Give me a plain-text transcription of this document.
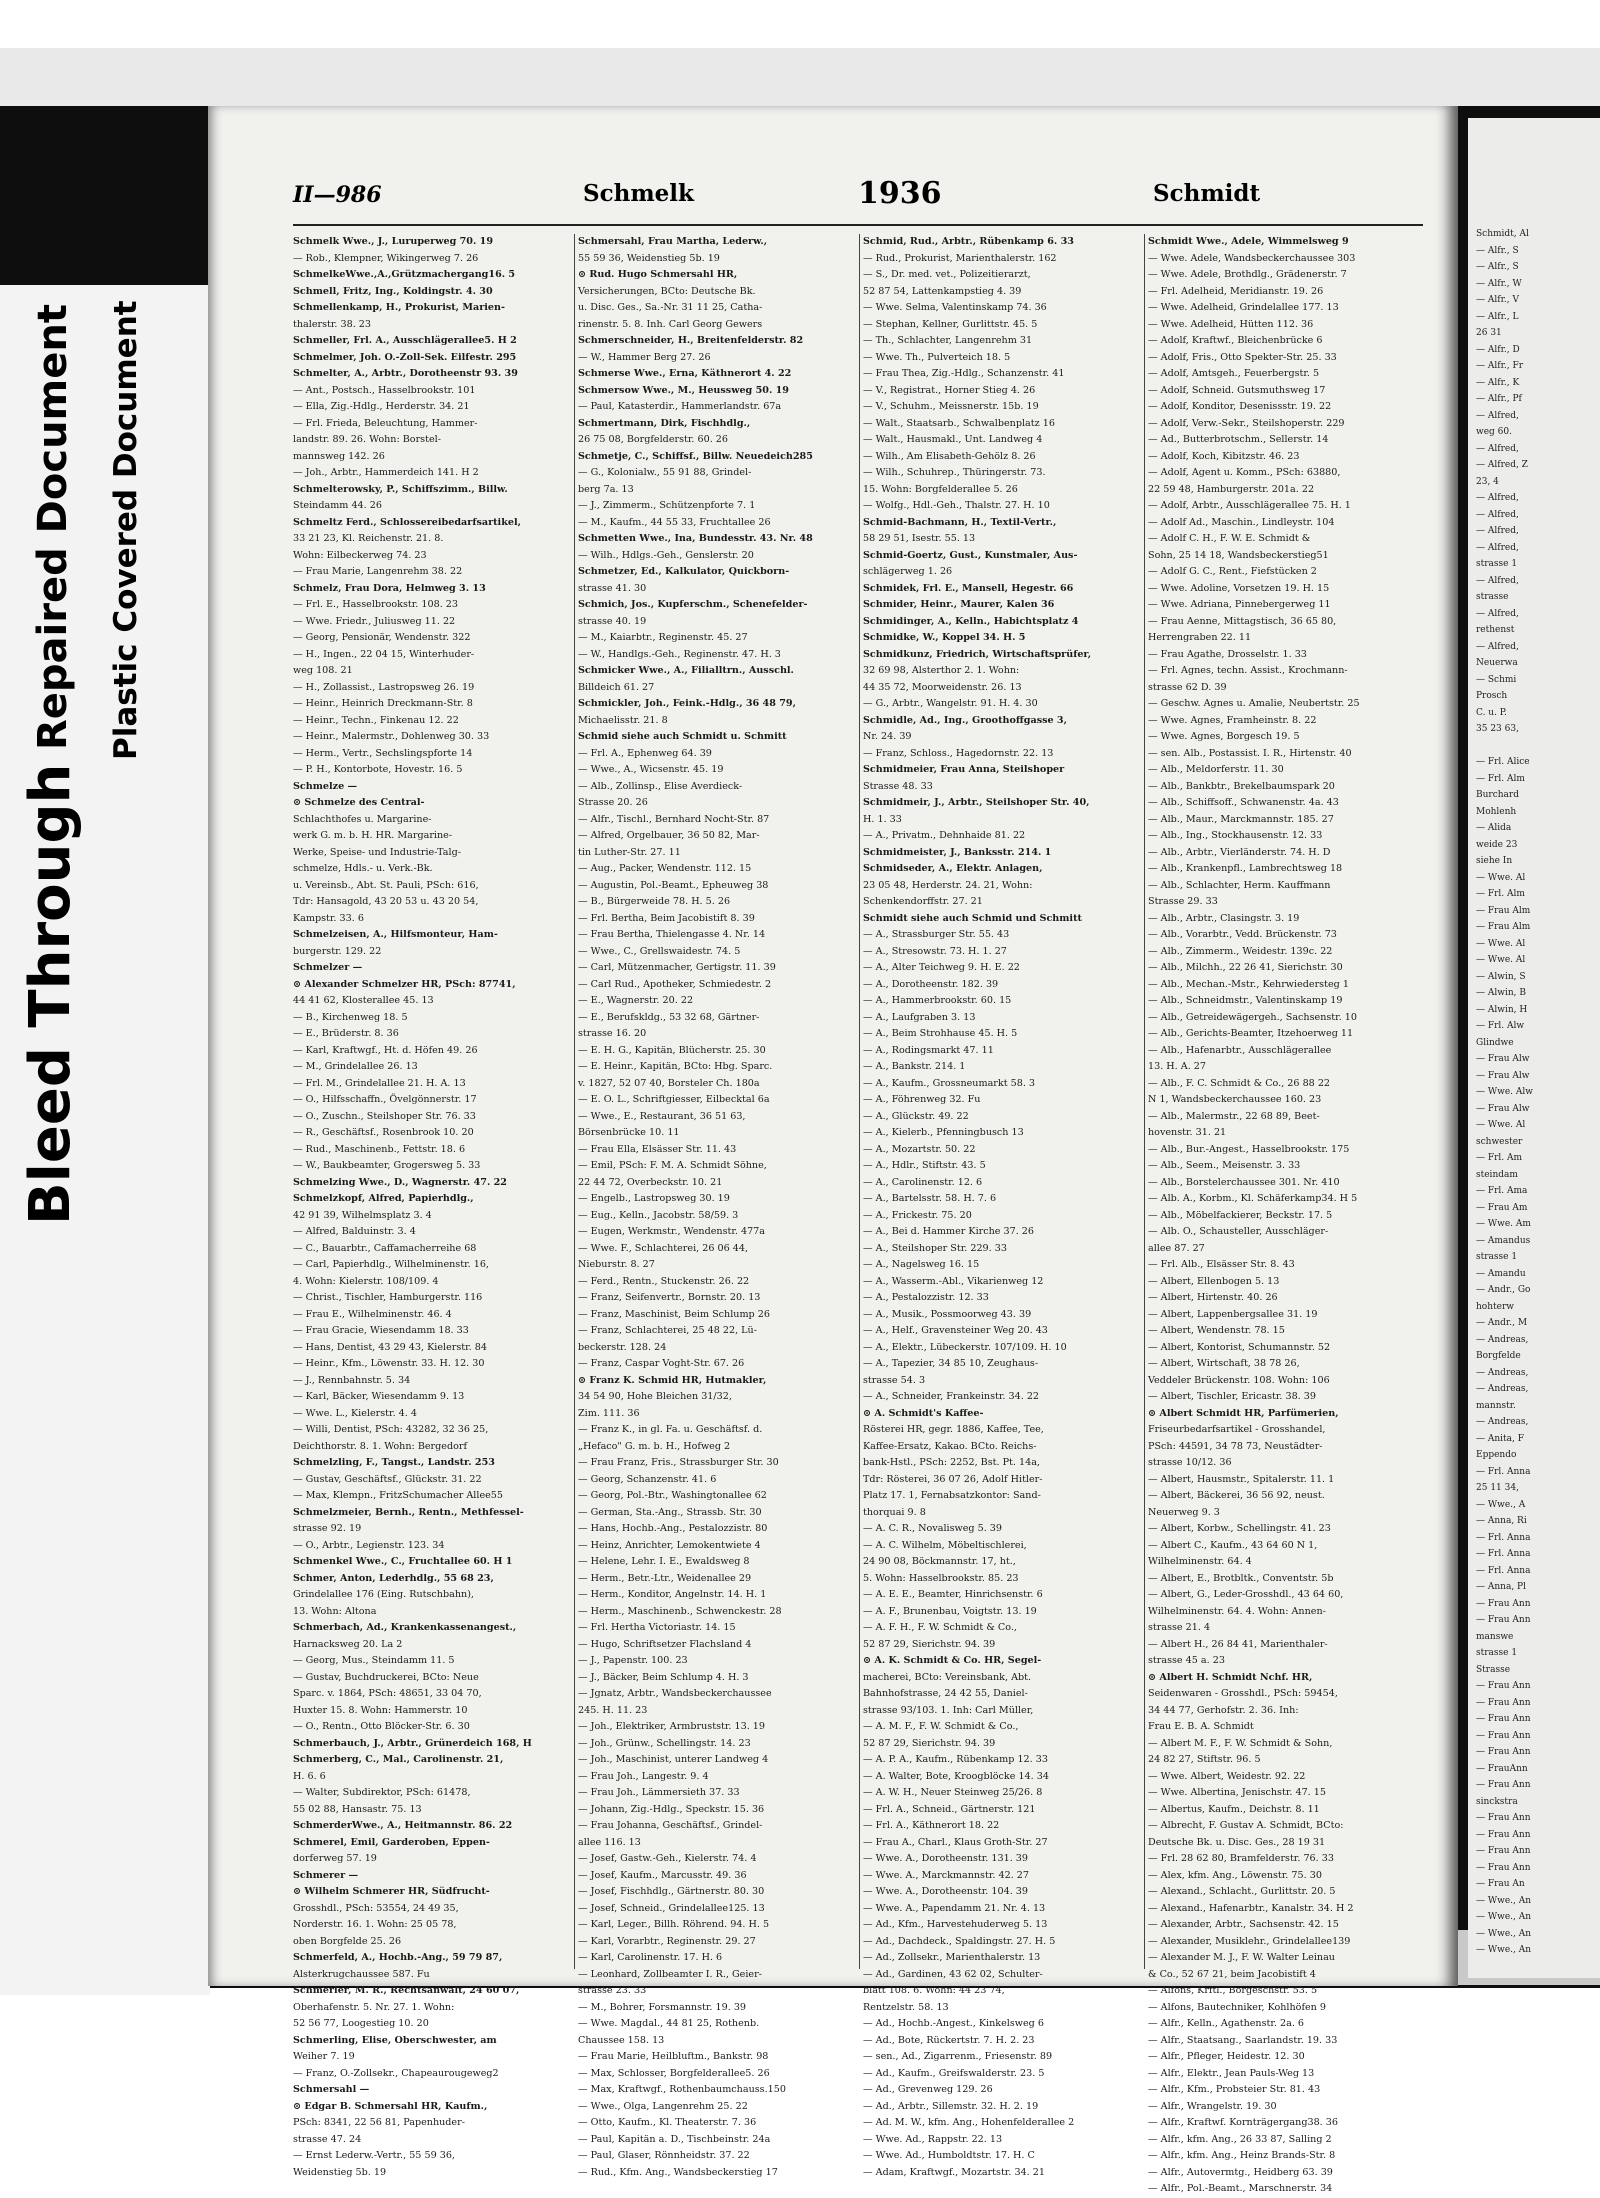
Bleed Through
Repaired Document Plastic Covered Document
II—986	Schmelk	1936	Schmidt
Schmelk Wwe., J., Luruperweg 70. 19
— Rob., Klempner, Wikingerweg 7. 26
SchmelkeWwe.,A.,Grützmachergang16. 5
Schmell, Fritz, Ing., Koldingstr. 4. 30
Schmellenkamp, H., Prokurist, Marien-
thalerstr. 38. 23
Schmeller, Frl. A., Ausschlägerallee5. H 2
Schmelmer, Joh. O.-Zoll-Sek. Eilfestr. 295
Schmelter, A., Arbtr., Dorotheenstr 93. 39
— Ant., Postsch., Hasselbrookstr. 101
— Ella, Zig.-Hdlg., Herderstr. 34. 21
— Frl. Frieda, Beleuchtung, Hammer-
landstr. 89. 26. Wohn: Borstel-
mannsweg 142. 26
— Joh., Arbtr., Hammerdeich 141. H 2
Schmelterowsky, P., Schiffszimm., Billw.
Steindamm 44. 26
Schmeltz Ferd., Schlossereibedarfsartikel,
33 21 23, Kl. Reichenstr. 21. 8.
Wohn: Eilbeckerweg 74. 23
— Frau Marie, Langenrehm 38. 22
Schmelz, Frau Dora, Helmweg 3. 13
— Frl. E., Hasselbrookstr. 108. 23
— Wwe. Friedr., Juliusweg 11. 22
— Georg, Pensionär, Wendenstr. 322
— H., Ingen., 22 04 15, Winterhuder-
weg 108. 21
— H., Zollassist., Lastropsweg 26. 19
— Heinr., Heinrich Dreckmann-Str. 8
— Heinr., Techn., Finkenau 12. 22
— Heinr., Malermstr., Dohlenweg 30. 33
— Herm., Vertr., Sechslingspforte 14
— P. H., Kontorbote, Hovestr. 16. 5
Schmelze —
⊙ Schmelze des Central-
Schlachthofes u. Margarine-
werk G. m. b. H. HR. Margarine-
Werke, Speise- und Industrie-Talg-
schmelze, Hdls.- u. Verk.-Bk.
u. Vereinsb., Abt. St. Pauli, PSch: 616,
Tdr: Hansagold, 43 20 53 u. 43 20 54,
Kampstr. 33. 6
Schmelzeisen, A., Hilfsmonteur, Ham-
burgerstr. 129. 22
Schmelzer —
⊙ Alexander Schmelzer HR, PSch: 87741,
44 41 62, Klosterallee 45. 13
— B., Kirchenweg 18. 5
— E., Brüderstr. 8. 36
— Karl, Kraftwgf., Ht. d. Höfen 49. 26
— M., Grindelallee 26. 13
— Frl. M., Grindelallee 21. H. A. 13
— O., Hilfsschaffn., Övelgönnerstr. 17
— O., Zuschn., Steilshoper Str. 76. 33
— R., Geschäftsf., Rosenbrook 10. 20
— Rud., Maschinenb., Fettstr. 18. 6
— W., Baukbeamter, Grogersweg 5. 33
Schmelzing Wwe., D., Wagnerstr. 47. 22
Schmelzkopf, Alfred, Papierhdlg.,
42 91 39, Wilhelmsplatz 3. 4
— Alfred, Balduinstr. 3. 4
— C., Bauarbtr., Caffamacherreihe 68
— Carl, Papierhdlg., Wilhelminenstr. 16,
4. Wohn: Kielerstr. 108/109. 4
— Christ., Tischler, Hamburgerstr. 116
— Frau E., Wilhelminenstr. 46. 4
— Frau Gracie, Wiesendamm 18. 33
— Hans, Dentist, 43 29 43, Kielerstr. 84
— Heinr., Kfm., Löwenstr. 33. H. 12. 30
— J., Rennbahnstr. 5. 34
— Karl, Bäcker, Wiesendamm 9. 13
— Wwe. L., Kielerstr. 4. 4
— Willi, Dentist, PSch: 43282, 32 36 25,
Deichthorstr. 8. 1. Wohn: Bergedorf
Schmelzling, F., Tangst., Landstr. 253
— Gustav, Geschäftsf., Glückstr. 31. 22
— Max, Klempn., FritzSchumacher Allee55
Schmelzmeier, Bernh., Rentn., Methfessel-
strasse 92. 19
— O., Arbtr., Legienstr. 123. 34
Schmenkel Wwe., C., Fruchtallee 60. H 1
Schmer, Anton, Lederhdlg., 55 68 23,
Grindelallee 176 (Eing. Rutschbahn),
13. Wohn: Altona
Schmerbach, Ad., Krankenkassenangest.,
Harnacksweg 20. La 2
— Georg, Mus., Steindamm 11. 5
— Gustav, Buchdruckerei, BCto: Neue
Sparc. v. 1864, PSch: 48651, 33 04 70,
Huxter 15. 8. Wohn: Hammerstr. 10
— O., Rentn., Otto Blöcker-Str. 6. 30
Schmerbauch, J., Arbtr., Grünerdeich 168, H
Schmerberg, C., Mal., Carolinenstr. 21,
H. 6. 6
— Walter, Subdirektor, PSch: 61478,
55 02 88, Hansastr. 75. 13
SchmerderWwe., A., Heitmannstr. 86. 22
Schmerel, Emil, Garderoben, Eppen-
dorferweg 57. 19
Schmerer —
⊙ Wilhelm Schmerer HR, Südfrucht-
Grosshdl., PSch: 53554, 24 49 35,
Norderstr. 16. 1. Wohn: 25 05 78,
oben Borgfelde 25. 26
Schmerfeld, A., Hochb.-Ang., 59 79 87,
Alsterkrugchaussee 587. Fu
Schmerler, M. R., Rechtsanwalt, 24 60 07,
Oberhafenstr. 5. Nr. 27. 1. Wohn:
52 56 77, Loogestieg 10. 20
Schmerling, Elise, Oberschwester, am
Weiher 7. 19
— Franz, O.-Zollsekr., Chapeaurougeweg2
Schmersahl —
⊙ Edgar B. Schmersahl HR, Kaufm.,
PSch: 8341, 22 56 81, Papenhuder-
strasse 47. 24
— Ernst Lederw.-Vertr., 55 59 36,
Weidenstieg 5b. 19
Schmersahl, Frau Martha, Lederw.,
55 59 36, Weidenstieg 5b. 19
⊙ Rud. Hugo Schmersahl HR,
Versicherungen, BCto: Deutsche Bk.
u. Disc. Ges., Sa.-Nr. 31 11 25, Catha-
rinenstr. 5. 8. Inh. Carl Georg Gewers
Schmerschneider, H., Breitenfelderstr. 82
— W., Hammer Berg 27. 26
Schmerse Wwe., Erna, Käthnerort 4. 22
Schmersow Wwe., M., Heussweg 50. 19
— Paul, Katasterdir., Hammerlandstr. 67a
Schmertmann, Dirk, Fischhdlg.,
26 75 08, Borgfelderstr. 60. 26
Schmetje, C., Schiffsf., Billw. Neuedeich285
— G., Kolonialw., 55 91 88, Grindel-
berg 7a. 13
— J., Zimmerm., Schützenpforte 7. 1
— M., Kaufm., 44 55 33, Fruchtallee 26
Schmetten Wwe., Ina, Bundesstr. 43. Nr. 48
— Wilh., Hdlgs.-Geh., Genslerstr. 20
Schmetzer, Ed., Kalkulator, Quickborn-
strasse 41. 30
Schmich, Jos., Kupferschm., Schenefelder-
strasse 40. 19
— M., Kaiarbtr., Reginenstr. 45. 27
— W., Handlgs.-Geh., Reginenstr. 47. H. 3
Schmicker Wwe., A., Filialltrn., Ausschl.
Billdeich 61. 27
Schmickler, Joh., Feink.-Hdlg., 36 48 79,
Michaelisstr. 21. 8
Schmid siehe auch Schmidt u. Schmitt
— Frl. A., Ephenweg 64. 39
— Wwe., A., Wicsenstr. 45. 19
— Alb., Zollinsp., Elise Averdieck-
Strasse 20. 26
— Alfr., Tischl., Bernhard Nocht-Str. 87
— Alfred, Orgelbauer, 36 50 82, Mar-
tin Luther-Str. 27. 11
— Aug., Packer, Wendenstr. 112. 15
— Augustin, Pol.-Beamt., Epheuweg 38
— B., Bürgerweide 78. H. 5. 26
— Frl. Bertha, Beim Jacobistift 8. 39
— Frau Bertha, Thielengasse 4. Nr. 14
— Wwe., C., Grellswaidestr. 74. 5
— Carl, Mützenmacher, Gertigstr. 11. 39
— Carl Rud., Apotheker, Schmiedestr. 2
— E., Wagnerstr. 20. 22
— E., Berufskldg., 53 32 68, Gärtner-
strasse 16. 20
— E. H. G., Kapitän, Blücherstr. 25. 30
— E. Heinr., Kapitän, BCto: Hbg. Sparc.
v. 1827, 52 07 40, Borsteler Ch. 180a
— E. O. L., Schriftgiesser, Eilbecktal 6a
— Wwe., E., Restaurant, 36 51 63,
Börsenbrücke 10. 11
— Frau Ella, Elsässer Str. 11. 43
— Emil, PSch: F. M. A. Schmidt Söhne,
22 44 72, Overbeckstr. 10. 21
— Engelb., Lastropsweg 30. 19
— Eug., Kelln., Jacobstr. 58/59. 3
— Eugen, Werkmstr., Wendenstr. 477a
— Wwe. F., Schlachterei, 26 06 44,
Nieburstr. 8. 27
— Ferd., Rentn., Stuckenstr. 26. 22
— Franz, Seifenvertr., Bornstr. 20. 13
— Franz, Maschinist, Beim Schlump 26
— Franz, Schlachterei, 25 48 22, Lü-
beckerstr. 128. 24
— Franz, Caspar Voght-Str. 67. 26
⊙ Franz K. Schmid HR, Hutmakler,
34 54 90, Hohe Bleichen 31/32,
Zim. 111. 36
— Franz K., in gl. Fa. u. Geschäftsf. d.
„Hefaco" G. m. b. H., Hofweg 2
— Frau Franz, Fris., Strassburger Str. 30
— Georg, Schanzenstr. 41. 6
— Georg, Pol.-Btr., Washingtonallee 62
— German, Sta.-Ang., Strassb. Str. 30
— Hans, Hochb.-Ang., Pestalozzistr. 80
— Heinz, Anrichter, Lemokentwiete 4
— Helene, Lehr. I. E., Ewaldsweg 8
— Herm., Betr.-Ltr., Weidenallee 29
— Herm., Konditor, Angelnstr. 14. H. 1
— Herm., Maschinenb., Schwenckestr. 28
— Frl. Hertha Victoriastr. 14. 15
— Hugo, Schriftsetzer Flachsland 4
— J., Papenstr. 100. 23
— J., Bäcker, Beim Schlump 4. H. 3
— Jgnatz, Arbtr., Wandsbeckerchaussee
245. H. 11. 23
— Joh., Elektriker, Armbruststr. 13. 19
— Joh., Grünw., Schellingstr. 14. 23
— Joh., Maschinist, unterer Landweg 4
— Frau Joh., Langestr. 9. 4
— Frau Joh., Lämmersieth 37. 33
— Johann, Zig.-Hdlg., Speckstr. 15. 36
— Frau Johanna, Geschäftsf., Grindel-
allee 116. 13
— Josef, Gastw.-Geh., Kielerstr. 74. 4
— Josef, Kaufm., Marcusstr. 49. 36
— Josef, Fischhdlg., Gärtnerstr. 80. 30
— Josef, Schneid., Grindelallee125. 13
— Karl, Leger., Billh. Röhrend. 94. H. 5
— Karl, Vorarbtr., Reginenstr. 29. 27
— Karl, Carolinenstr. 17. H. 6
— Leonhard, Zollbeamter I. R., Geier-
strasse 23. 33
— M., Bohrer, Forsmannstr. 19. 39
— Wwe. Magdal., 44 81 25, Rothenb.
Chaussee 158. 13
— Frau Marie, Heilbluftm., Bankstr. 98
— Max, Schlosser, Borgfelderallee5. 26
— Max, Kraftwgf., Rothenbaumchauss.150
— Wwe., Olga, Langenrehm 25. 22
— Otto, Kaufm., Kl. Theaterstr. 7. 36
— Paul, Kapitän a. D., Tischbeinstr. 24a
— Paul, Glaser, Rönnheidstr. 37. 22
— Rud., Kfm. Ang., Wandsbeckerstieg 17
Schmid, Rud., Arbtr., Rübenkamp 6. 33
— Rud., Prokurist, Marienthalerstr. 162
— S., Dr. med. vet., Polizeitierarzt,
52 87 54, Lattenkampstieg 4. 39
— Wwe. Selma, Valentinskamp 74. 36
— Stephan, Kellner, Gurlittstr. 45. 5
— Th., Schlachter, Langenrehm 31
— Wwe. Th., Pulverteich 18. 5
— Frau Thea, Zig.-Hdlg., Schanzenstr. 41
— V., Registrat., Horner Stieg 4. 26
— V., Schuhm., Meissnerstr. 15b. 19
— Walt., Staatsarb., Schwalbenplatz 16
— Walt., Hausmakl., Unt. Landweg 4
— Wilh., Am Elisabeth-Gehölz 8. 26
— Wilh., Schuhrep., Thüringerstr. 73.
15. Wohn: Borgfelderallee 5. 26
— Wolfg., Hdl.-Geh., Thalstr. 27. H. 10
Schmid-Bachmann, H., Textil-Vertr.,
58 29 51, Isestr. 55. 13
Schmid-Goertz, Gust., Kunstmaler, Aus-
schlägerweg 1. 26
Schmidek, Frl. E., Mansell, Hegestr. 66
Schmider, Heinr., Maurer, Kalen 36
Schmidinger, A., Kelln., Habichtsplatz 4
Schmidke, W., Koppel 34. H. 5
Schmidkunz, Friedrich, Wirtschaftsprüfer,
32 69 98, Alsterthor 2. 1. Wohn:
44 35 72, Moorweidenstr. 26. 13
— G., Arbtr., Wangelstr. 91. H. 4. 30
Schmidle, Ad., Ing., Groothoffgasse 3,
Nr. 24. 39
— Franz, Schloss., Hagedornstr. 22. 13
Schmidmeier, Frau Anna, Steilshoper
Strasse 48. 33
Schmidmeir, J., Arbtr., Steilshoper Str. 40,
H. 1. 33
— A., Privatm., Dehnhaide 81. 22
Schmidmeister, J., Banksstr. 214. 1
Schmidseder, A., Elektr. Anlagen,
23 05 48, Herderstr. 24. 21, Wohn:
Schenkendorffstr. 27. 21
Schmidt siehe auch Schmid und Schmitt
— A., Strassburger Str. 55. 43
— A., Stresowstr. 73. H. 1. 27
— A., Alter Teichweg 9. H. E. 22
— A., Dorotheenstr. 182. 39
— A., Hammerbrookstr. 60. 15
— A., Laufgraben 3. 13
— A., Beim Strohhause 45. H. 5
— A., Rodingsmarkt 47. 11
— A., Bankstr. 214. 1
— A., Kaufm., Grossneumarkt 58. 3
— A., Föhrenweg 32. Fu
— A., Glückstr. 49. 22
— A., Kielerb., Pfenningbusch 13
— A., Mozartstr. 50. 22
— A., Hdlr., Stiftstr. 43. 5
— A., Carolinenstr. 12. 6
— A., Bartelsstr. 58. H. 7. 6
— A., Frickestr. 75. 20
— A., Bei d. Hammer Kirche 37. 26
— A., Steilshoper Str. 229. 33
— A., Nagelsweg 16. 15
— A., Wasserm.-Abl., Vikarienweg 12
— A., Pestalozzistr. 12. 33
— A., Musik., Possmoorweg 43. 39
— A., Helf., Gravensteiner Weg 20. 43
— A., Elektr., Lübeckerstr. 107/109. H. 10
— A., Tapezier, 34 85 10, Zeughaus-
strasse 54. 3
— A., Schneider, Frankeinstr. 34. 22
⊙ A. Schmidt's Kaffee-
Rösterei HR, gegr. 1886, Kaffee, Tee,
Kaffee-Ersatz, Kakao. BCto. Reichs-
bank-Hstl., PSch: 2252, Bst. Pt. 14a,
Tdr: Rösterei, 36 07 26, Adolf Hitler-
Platz 17. 1, Fernabsatzkontor: Sand-
thorquai 9. 8
— A. C. R., Novalisweg 5. 39
— A. C. Wilhelm, Möbeltischlerei,
24 90 08, Böckmannstr. 17, ht.,
5. Wohn: Hasselbrookstr. 85. 23
— A. E. E., Beamter, Hinrichsenstr. 6
— A. F., Brunenbau, Voigtstr. 13. 19
— A. F. H., F. W. Schmidt & Co.,
52 87 29, Sierichstr. 94. 39
⊙ A. K. Schmidt & Co. HR, Segel-
macherei, BCto: Vereinsbank, Abt.
Bahnhofstrasse, 24 42 55, Daniel-
strasse 93/103. 1. Inh: Carl Müller,
— A. M. F., F. W. Schmidt & Co.,
52 87 29, Sierichstr. 94. 39
— A. P. A., Kaufm., Rübenkamp 12. 33
— A. Walter, Bote, Kroogblöcke 14. 34
— A. W. H., Neuer Steinweg 25/26. 8
— Frl. A., Schneid., Gärtnerstr. 121
— Frl. A., Käthnerort 18. 22
— Frau A., Charl., Klaus Groth-Str. 27
— Wwe. A., Dorotheenstr. 131. 39
— Wwe. A., Marckmannstr. 42. 27
— Wwe. A., Dorotheenstr. 104. 39
— Wwe. A., Papendamm 21. Nr. 4. 13
— Ad., Kfm., Harvestehuderweg 5. 13
— Ad., Dachdeck., Spaldingstr. 27. H. 5
— Ad., Zollsekr., Marienthalerstr. 13
— Ad., Gardinen, 43 62 02, Schulter-
blatt 108. 6. Wohn: 44 23 74,
Rentzelstr. 58. 13
— Ad., Hochb.-Angest., Kinkelsweg 6
— Ad., Bote, Rückertstr. 7. H. 2. 23
— sen., Ad., Zigarrenm., Friesenstr. 89
— Ad., Kaufm., Greifswalderstr. 23. 5
— Ad., Grevenweg 129. 26
— Ad., Arbtr., Sillemstr. 32. H. 2. 19
— Ad. M. W., kfm. Ang., Hohenfelderallee 2
— Wwe. Ad., Rappstr. 22. 13
— Wwe. Ad., Humboldtstr. 17. H. C
— Adam, Kraftwgf., Mozartstr. 34. 21
Schmidt Wwe., Adele, Wimmelsweg 9
— Wwe. Adele, Wandsbeckerchaussee 303
— Wwe. Adele, Brothdlg., Grädenerstr. 7
— Frl. Adelheid, Meridianstr. 19. 26
— Wwe. Adelheid, Grindelallee 177. 13
— Wwe. Adelheid, Hütten 112. 36
— Adolf, Kraftwf., Bleichenbrücke 6
— Adolf, Fris., Otto Spekter-Str. 25. 33
— Adolf, Amtsgeh., Feuerbergstr. 5
— Adolf, Schneid. Gutsmuthsweg 17
— Adolf, Konditor, Desenissstr. 19. 22
— Adolf, Verw.-Sekr., Steilshoperstr. 229
— Ad., Butterbrotschm., Sellerstr. 14
— Adolf, Koch, Kibitzstr. 46. 23
— Adolf, Agent u. Komm., PSch: 63880,
22 59 48, Hamburgerstr. 201a. 22
— Adolf, Arbtr., Ausschlägerallee 75. H. 1
— Adolf Ad., Maschin., Lindleystr. 104
— Adolf C. H., F. W. E. Schmidt &
Sohn, 25 14 18, Wandsbeckerstieg51
— Adolf G. C., Rent., Fiefstücken 2
— Wwe. Adoline, Vorsetzen 19. H. 15
— Wwe. Adriana, Pinnebergerweg 11
— Frau Aenne, Mittagstisch, 36 65 80,
Herrengraben 22. 11
— Frau Agathe, Drosselstr. 1. 33
— Frl. Agnes, techn. Assist., Krochmann-
strasse 62 D. 39
— Geschw. Agnes u. Amalie, Neubertstr. 25
— Wwe. Agnes, Framheinstr. 8. 22
— Wwe. Agnes, Borgesch 19. 5
— sen. Alb., Postassist. I. R., Hirtenstr. 40
— Alb., Meldorferstr. 11. 30
— Alb., Bankbtr., Brekelbaumspark 20
— Alb., Schiffsoff., Schwanenstr. 4a. 43
— Alb., Maur., Marckmannstr. 185. 27
— Alb., Ing., Stockhausenstr. 12. 33
— Alb., Arbtr., Vierländerstr. 74. H. D
— Alb., Krankenpfl., Lambrechtsweg 18
— Alb., Schlachter, Herm. Kauffmann
Strasse 29. 33
— Alb., Arbtr., Clasingstr. 3. 19
— Alb., Vorarbtr., Vedd. Brückenstr. 73
— Alb., Zimmerm., Weidestr. 139c. 22
— Alb., Milchh., 22 26 41, Sierichstr. 30
— Alb., Mechan.-Mstr., Kehrwiedersteg 1
— Alb., Schneidmstr., Valentinskamp 19
— Alb., Getreidewägergeh., Sachsenstr. 10
— Alb., Gerichts-Beamter, Itzehoerweg 11
— Alb., Hafenarbtr., Ausschlägerallee
13. H. A. 27
— Alb., F. C. Schmidt & Co., 26 88 22
N 1, Wandsbeckerchaussee 160. 23
— Alb., Malermstr., 22 68 89, Beet-
hovenstr. 31. 21
— Alb., Bur.-Angest., Hasselbrookstr. 175
— Alb., Seem., Meisenstr. 3. 33
— Alb., Borstelerchaussee 301. Nr. 410
— Alb. A., Korbm., Kl. Schäferkamp34. H 5
— Alb., Möbelfackierer, Beckstr. 17. 5
— Alb. O., Schausteller, Ausschläger-
allee 87. 27
— Frl. Alb., Elsässer Str. 8. 43
— Albert, Ellenbogen 5. 13
— Albert, Hirtenstr. 40. 26
— Albert, Lappenbergsallee 31. 19
— Albert, Wendenstr. 78. 15
— Albert, Kontorist, Schumannstr. 52
— Albert, Wirtschaft, 38 78 26,
Veddeler Brückenstr. 108. Wohn: 106
— Albert, Tischler, Ericastr. 38. 39
⊙ Albert Schmidt HR, Parfümerien,
Friseurbedarfsartikel - Grosshandel,
PSch: 44591, 34 78 73, Neustädter-
strasse 10/12. 36
— Albert, Hausmstr., Spitalerstr. 11. 1
— Albert, Bäckerei, 36 56 92, neust.
Neuerweg 9. 3
— Albert, Korbw., Schellingstr. 41. 23
— Albert C., Kaufm., 43 64 60 N 1,
Wilhelminenstr. 64. 4
— Albert, E., Brotbltk., Conventstr. 5b
— Albert, G., Leder-Grosshdl., 43 64 60,
Wilhelminenstr. 64. 4. Wohn: Annen-
strasse 21. 4
— Albert H., 26 84 41, Marienthaler-
strasse 45 a. 23
⊙ Albert H. Schmidt Nchf. HR,
Seidenwaren - Grosshdl., PSch: 59454,
34 44 77, Gerhofstr. 2. 36. Inh:
Frau E. B. A. Schmidt
— Albert M. F., F. W. Schmidt & Sohn,
24 82 27, Stiftstr. 96. 5
— Wwe. Albert, Weidestr. 92. 22
— Wwe. Albertina, Jenischstr. 47. 15
— Albertus, Kaufm., Deichstr. 8. 11
— Albrecht, F. Gustav A. Schmidt, BCto:
Deutsche Bk. u. Disc. Ges., 28 19 31
— Frl. 28 62 80, Bramfelderstr. 76. 33
— Alex, kfm. Ang., Löwenstr. 75. 30
— Alexand., Schlacht., Gurlittstr. 20. 5
— Alexand., Hafenarbtr., Kanalstr. 34. H 2
— Alexander, Arbtr., Sachsenstr. 42. 15
— Alexander, Musiklehr., Grindelallee139
— Alexander M. J., F. W. Walter Leinau
& Co., 52 67 21, beim Jacobistift 4
— Alfons, Krftl., Borgeschstr. 53. 5
— Alfons, Bautechniker, Kohlhöfen 9
— Alfr., Kelln., Agathenstr. 2a. 6
— Alfr., Staatsang., Saarlandstr. 19. 33
— Alfr., Pfleger, Heidestr. 12. 30
— Alfr., Elektr., Jean Pauls-Weg 13
— Alfr., Kfm., Probsteier Str. 81. 43
— Alfr., Wrangelstr. 19. 30
— Alfr., Kraftwf. Kornträgergang38. 36
— Alfr., kfm. Ang., 26 33 87, Salling 2
— Alfr., kfm. Ang., Heinz Brands-Str. 8
— Alfr., Autovermtg., Heidberg 63. 39
— Alfr., Pol.-Beamt., Marschnerstr. 34
Schmidt, Al
— Alfr., S
— Alfr., S
— Alfr., W
— Alfr., V
— Alfr., L
26 31
— Alfr., D
— Alfr., Fr
— Alfr., K
— Alfr., Pf
— Alfred,
weg 60.
— Alfred,
— Alfred, Z
23, 4
— Alfred,
— Alfred,
— Alfred,
— Alfred,
strasse 1
— Alfred,
strasse
— Alfred,
rethenst
— Alfred,
Neuerwa
— Schmi
Prosch
C. u. P.
35 23 63,

— Frl. Alice
— Frl. Alm
Burchard
Mohlenh
— Alida
weide 23
siehe In
— Wwe. Al
— Frl. Alm
— Frau Alm
— Frau Alm
— Wwe. Al
— Wwe. Al
— Alwin, S
— Alwin, B
— Alwin, H
— Frl. Alw
Glindwe
— Frau Alw
— Frau Alw
— Wwe. Alw
— Frau Alw
— Wwe. Al
schwester
— Frl. Am
steindam
— Frl. Ama
— Frau Am
— Wwe. Am
— Amandus
strasse 1
— Amandu
— Andr., Go
hohterw
— Andr., M
— Andreas,
Borgfelde
— Andreas,
— Andreas,
mannstr.
— Andreas,
— Anita, F
Eppendo
— Frl. Anna
25 11 34,
— Wwe., A
— Anna, Ri
— Frl. Anna
— Frl. Anna
— Frl. Anna
— Anna, Pl
— Frau Ann
— Frau Ann
manswe
strasse 1
Strasse
— Frau Ann
— Frau Ann
— Frau Ann
— Frau Ann
— Frau Ann
— FrauAnn
— Frau Ann
sinckstra
— Frau Ann
— Frau Ann
— Frau Ann
— Frau Ann
— Frau An
— Wwe., An
— Wwe., An
— Wwe., An
— Wwe., An
